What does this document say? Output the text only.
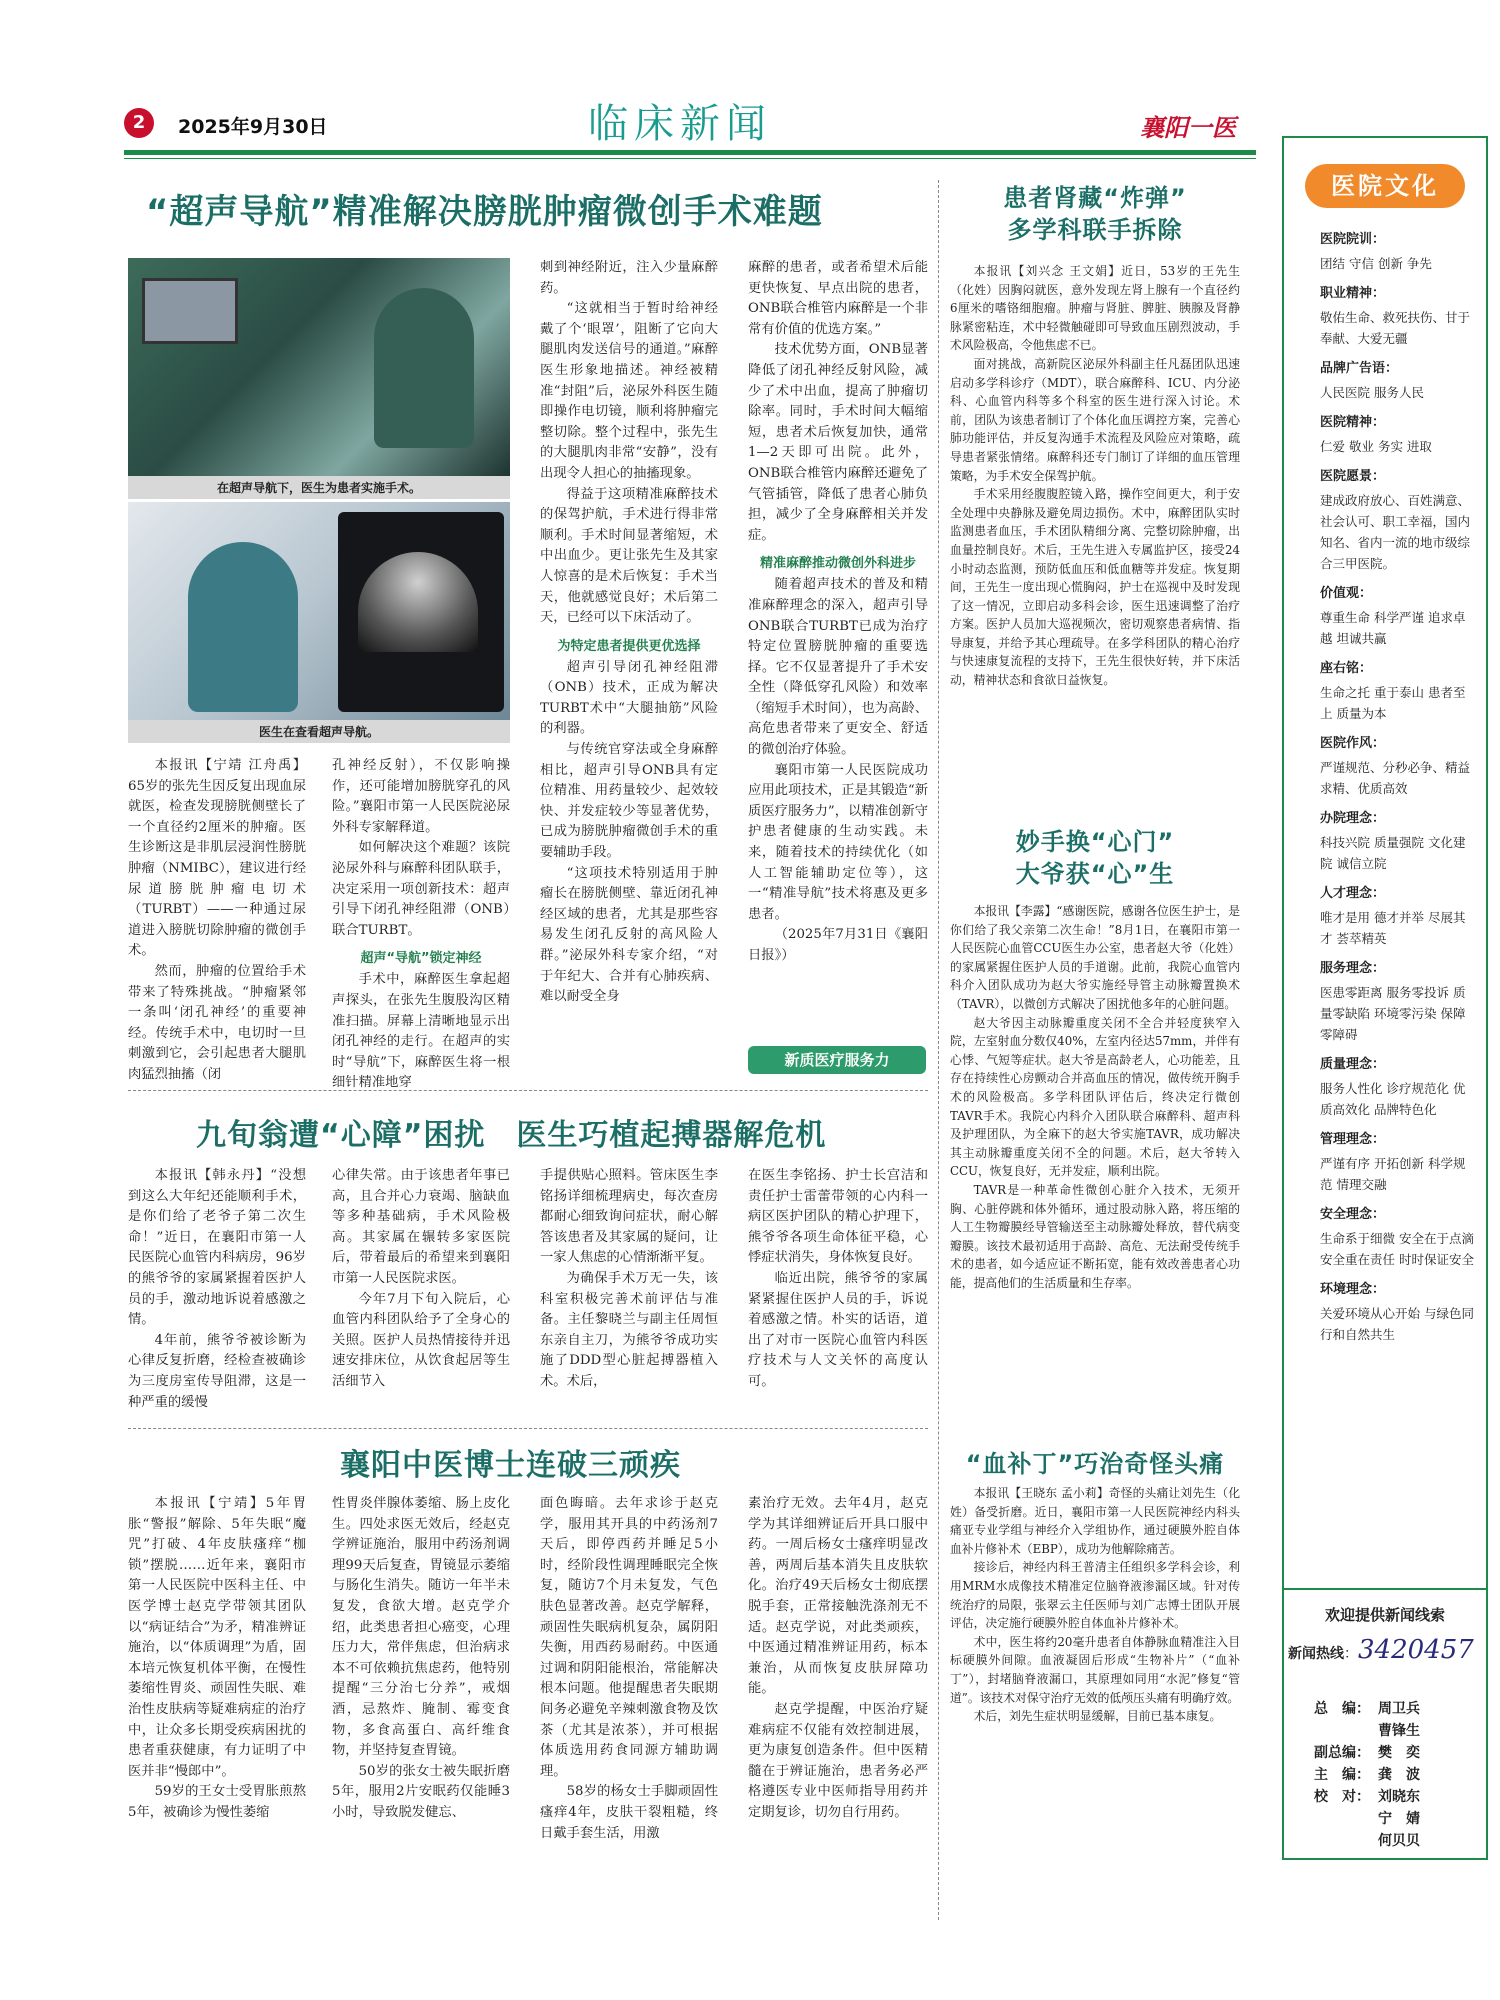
2	2025年9月30日	临床新闻	襄阳一医
“超声导航”精准解决膀胱肿瘤微创手术难题
在超声导航下，医生为患者实施手术。
医生在查看超声导航。

本报讯【宁靖 江舟禹】65岁的张先生因反复出现血尿就医，检查发现膀胱侧壁长了一个直径约2厘米的肿瘤。医生诊断这是非肌层浸润性膀胱肿瘤（NMIBC），建议进行经尿道膀胱肿瘤电切术（TURBT）——一种通过尿道进入膀胱切除肿瘤的微创手术。

然而，肿瘤的位置给手术带来了特殊挑战。“肿瘤紧邻一条叫‘闭孔神经’的重要神经。传统手术中，电切时一旦刺激到它，会引起患者大腿肌肉猛烈抽搐（闭

孔神经反射），不仅影响操作，还可能增加膀胱穿孔的风险。”襄阳市第一人民医院泌尿外科专家解释道。

如何解决这个难题？该院泌尿外科与麻醉科团队联手，决定采用一项创新技术：超声引导下闭孔神经阻滞（ONB）联合TURBT。

超声“导航”锁定神经

手术中，麻醉医生拿起超声探头，在张先生腹股沟区精准扫描。屏幕上清晰地显示出闭孔神经的走行。在超声的实时“导航”下，麻醉医生将一根细针精准地穿

刺到神经附近，注入少量麻醉药。

“这就相当于暂时给神经戴了个‘眼罩’，阻断了它向大腿肌肉发送信号的通道。”麻醉医生形象地描述。神经被精准“封阻”后，泌尿外科医生随即操作电切镜，顺利将肿瘤完整切除。整个过程中，张先生的大腿肌肉非常“安静”，没有出现令人担心的抽搐现象。

得益于这项精准麻醉技术的保驾护航，手术进行得非常顺利。手术时间显著缩短，术中出血少。更让张先生及其家人惊喜的是术后恢复：手术当天，他就感觉良好；术后第二天，已经可以下床活动了。

为特定患者提供更优选择

超声引导闭孔神经阻滞（ONB）技术，正成为解决TURBT术中“大腿抽筋”风险的利器。

与传统官穿法或全身麻醉相比，超声引导ONB具有定位精准、用药量较少、起效较快、并发症较少等显著优势，已成为膀胱肿瘤微创手术的重要辅助手段。

“这项技术特别适用于肿瘤长在膀胱侧壁、靠近闭孔神经区域的患者，尤其是那些容易发生闭孔反射的高风险人群。”泌尿外科专家介绍，“对于年纪大、合并有心肺疾病、难以耐受全身

麻醉的患者，或者希望术后能更快恢复、早点出院的患者，ONB联合椎管内麻醉是一个非常有价值的优选方案。”

技术优势方面，ONB显著降低了闭孔神经反射风险，减少了术中出血，提高了肿瘤切除率。同时，手术时间大幅缩短，患者术后恢复加快，通常1—2天即可出院。此外，ONB联合椎管内麻醉还避免了气管插管，降低了患者心肺负担，减少了全身麻醉相关并发症。

精准麻醉推动微创外科进步

随着超声技术的普及和精准麻醉理念的深入，超声引导ONB联合TURBT已成为治疗特定位置膀胱肿瘤的重要选择。它不仅显著提升了手术安全性（降低穿孔风险）和效率（缩短手术时间），也为高龄、高危患者带来了更安全、舒适的微创治疗体验。

襄阳市第一人民医院成功应用此项技术，正是其锻造“新质医疗服务力”，以精准创新守护患者健康的生动实践。未来，随着技术的持续优化（如人工智能辅助定位等），这一“精准导航”技术将惠及更多患者。

（2025年7月31日《襄阳日报》）

新质医疗服务力
九旬翁遭“心障”困扰　医生巧植起搏器解危机

本报讯【韩永丹】“没想到这么大年纪还能顺利手术，是你们给了老爷子第二次生命！”近日，在襄阳市第一人民医院心血管内科病房，96岁的熊爷爷的家属紧握着医护人员的手，激动地诉说着感激之情。

4年前，熊爷爷被诊断为心律反复折磨，经检查被确诊为三度房室传导阻滞，这是一种严重的缓慢

心律失常。由于该患者年事已高，且合并心力衰竭、脑缺血等多种基础病，手术风险极高。其家属在辗转多家医院后，带着最后的希望来到襄阳市第一人民医院求医。

今年7月下旬入院后，心血管内科团队给予了全身心的关照。医护人员热情接待并迅速安排床位，从饮食起居等生活细节入

手提供贴心照料。管床医生李铭扬详细梳理病史，每次查房都耐心细致询问症状，耐心解答该患者及其家属的疑问，让一家人焦虑的心情渐渐平复。

为确保手术万无一失，该科室积极完善术前评估与准备。主任黎晓兰与副主任周恒东亲自主刀，为熊爷爷成功实施了DDD型心脏起搏器植入术。术后，

在医生李铭扬、护士长宫洁和责任护士雷蕾带领的心内科一病区医护团队的精心护理下，熊爷爷各项生命体征平稳，心悸症状消失，身体恢复良好。

临近出院，熊爷爷的家属紧紧握住医护人员的手，诉说着感激之情。朴实的话语，道出了对市一医院心血管内科医疗技术与人文关怀的高度认可。

襄阳中医博士连破三顽疾

本报讯【宁靖】5年胃胀“警报”解除、5年失眠“魔咒”打破、4年皮肤瘙痒“枷锁”摆脱……近年来，襄阳市第一人民医院中医科主任、中医学博士赵克学带领其团队以“病证结合”为矛，精准辨证施治，以“体质调理”为盾，固本培元恢复机体平衡，在慢性萎缩性胃炎、顽固性失眠、难治性皮肤病等疑难病症的治疗中，让众多长期受疾病困扰的患者重获健康，有力证明了中医并非“慢郎中”。

59岁的王女士受胃胀煎熬5年，被确诊为慢性萎缩

性胃炎伴腺体萎缩、肠上皮化生。四处求医无效后，经赵克学辨证施治，服用中药汤剂调理99天后复查，胃镜显示萎缩与肠化生消失。随访一年半未复发，食欲大增。赵克学介绍，此类患者担心癌变，心理压力大，常伴焦虑，但治病求本不可依赖抗焦虑药，他特别提醒“三分治七分养”，戒烟酒，忌熬炸、腌制、霉变食物，多食高蛋白、高纤维食物，并坚持复查胃镜。

50岁的张女士被失眠折磨5年，服用2片安眠药仅能睡3小时，导致脱发健忘、

面色晦暗。去年求诊于赵克学，服用其开具的中药汤剂7天后，即停西药并睡足5小时，经阶段性调理睡眠完全恢复，随访7个月未复发，气色肤色显著改善。赵克学解释，顽固性失眠病机复杂，属阴阳失衡，用西药易耐药。中医通过调和阴阳能根治，常能解决根本问题。他提醒患者失眠期间务必避免辛辣刺激食物及饮茶（尤其是浓茶），并可根据体质选用药食同源方辅助调理。

58岁的杨女士手脚顽固性瘙痒4年，皮肤干裂粗糙，终日戴手套生活，用激

素治疗无效。去年4月，赵克学为其详细辨证后开具口服中药。一周后杨女士瘙痒明显改善，两周后基本消失且皮肤软化。治疗49天后杨女士彻底摆脱手套，正常接触洗涤剂无不适。赵克学说，对此类顽疾，中医通过精准辨证用药，标本兼治，从而恢复皮肤屏障功能。

赵克学提醒，中医治疗疑难病症不仅能有效控制进展，更为康复创造条件。但中医精髓在于辨证施治，患者务必严格遵医专业中医师指导用药并定期复诊，切勿自行用药。

患者肾藏“炸弹”
多学科联手拆除

本报讯【刘兴念 王文娟】近日，53岁的王先生（化姓）因胸闷就医，意外发现左肾上腺有一个直径约6厘米的嗜铬细胞瘤。肿瘤与肾脏、脾脏、胰腺及肾静脉紧密粘连，术中轻微触碰即可导致血压剧烈波动，手术风险极高，令他焦虑不已。

面对挑战，高新院区泌尿外科副主任凡磊团队迅速启动多学科诊疗（MDT），联合麻醉科、ICU、内分泌科、心血管内科等多个科室的医生进行深入讨论。术前，团队为该患者制订了个体化血压调控方案，完善心肺功能评估，并反复沟通手术流程及风险应对策略，疏导患者紧张情绪。麻醉科还专门制订了详细的血压管理策略，为手术安全保驾护航。

手术采用经腹腹腔镜入路，操作空间更大，利于安全处理中央静脉及避免周边损伤。术中，麻醉团队实时监测患者血压，手术团队精细分离、完整切除肿瘤，出血量控制良好。术后，王先生进入专属监护区，接受24小时动态监测，预防低血压和低血糖等并发症。恢复期间，王先生一度出现心慌胸闷，护士在巡视中及时发现了这一情况，立即启动多科会诊，医生迅速调整了治疗方案。医护人员加大巡视频次，密切观察患者病情、指导康复，并给予其心理疏导。在多学科团队的精心治疗与快速康复流程的支持下，王先生很快好转，并下床活动，精神状态和食欲日益恢复。

妙手换“心门”
大爷获“心”生

本报讯【李露】“感谢医院，感谢各位医生护士，是你们给了我父亲第二次生命！”8月1日，在襄阳市第一人民医院心血管CCU医生办公室，患者赵大爷（化姓）的家属紧握住医护人员的手道谢。此前，我院心血管内科介入团队成功为赵大爷实施经导管主动脉瓣置换术（TAVR），以微创方式解决了困扰他多年的心脏问题。

赵大爷因主动脉瓣重度关闭不全合并轻度狭窄入院，左室射血分数仅40%，左室内径达57mm，并伴有心悸、气短等症状。赵大爷是高龄老人，心功能差，且存在持续性心房颤动合并高血压的情况，做传统开胸手术的风险极高。多学科团队评估后，终决定行微创TAVR手术。我院心内科介入团队联合麻醉科、超声科及护理团队，为全麻下的赵大爷实施TAVR，成功解决其主动脉瓣重度关闭不全的问题。术后，赵大爷转入CCU，恢复良好，无并发症，顺利出院。

TAVR是一种革命性微创心脏介入技术，无须开胸、心脏停跳和体外循环，通过股动脉入路，将压缩的人工生物瓣膜经导管输送至主动脉瓣处释放，替代病变瓣膜。该技术最初适用于高龄、高危、无法耐受传统手术的患者，如今适应证不断拓宽，能有效改善患者心功能，提高他们的生活质量和生存率。

“血补丁”巧治奇怪头痛

本报讯【王晓东 孟小莉】奇怪的头痛让刘先生（化姓）备受折磨。近日，襄阳市第一人民医院神经内科头痛亚专业学组与神经介入学组协作，通过硬膜外腔自体血补片修补术（EBP），成功为他解除痛苦。

接诊后，神经内科王普清主任组织多学科会诊，利用MRM水成像技术精准定位脑脊液渗漏区域。针对传统治疗的局限，张翠云主任医师与刘广志博士团队开展评估，决定施行硬膜外腔自体血补片修补术。

术中，医生将约20毫升患者自体静脉血精准注入目标硬膜外间隙。血液凝固后形成“生物补片”（“血补丁”），封堵脑脊液漏口，其原理如同用“水泥”修复“管道”。该技术对保守治疗无效的低颅压头痛有明确疗效。

术后，刘先生症状明显缓解，目前已基本康复。

医院文化
医院院训：
团结 守信 创新 争先
职业精神：
敬佑生命、救死扶伤、甘于奉献、大爱无疆
品牌广告语：
人民医院 服务人民
医院精神：
仁爱 敬业 务实 进取
医院愿景：
建成政府放心、百姓满意、社会认可、职工幸福，国内知名、省内一流的地市级综合三甲医院。
价值观：
尊重生命 科学严谨 追求卓越 坦诚共赢
座右铭：
生命之托 重于泰山 患者至上 质量为本
医院作风：
严谨规范、分秒必争、精益求精、优质高效
办院理念：
科技兴院 质量强院 文化建院 诚信立院
人才理念：
唯才是用 德才并举 尽展其才 荟萃精英
服务理念：
医患零距离 服务零投诉 质量零缺陷 环境零污染 保障零障碍
质量理念：
服务人性化 诊疗规范化 优质高效化 品牌特色化
管理理念：
严谨有序 开拓创新 科学规范 情理交融
安全理念：
生命系于细微 安全在于点滴 安全重在责任 时时保证安全
环境理念：
关爱环境从心开始 与绿色同行和自然共生
欢迎提供新闻线索
新闻热线：3420457
总　编： 周卫兵
曹锋生
副总编： 樊　奕
主　编： 龚　波
校　对： 刘晓东
宁　婧
何贝贝
